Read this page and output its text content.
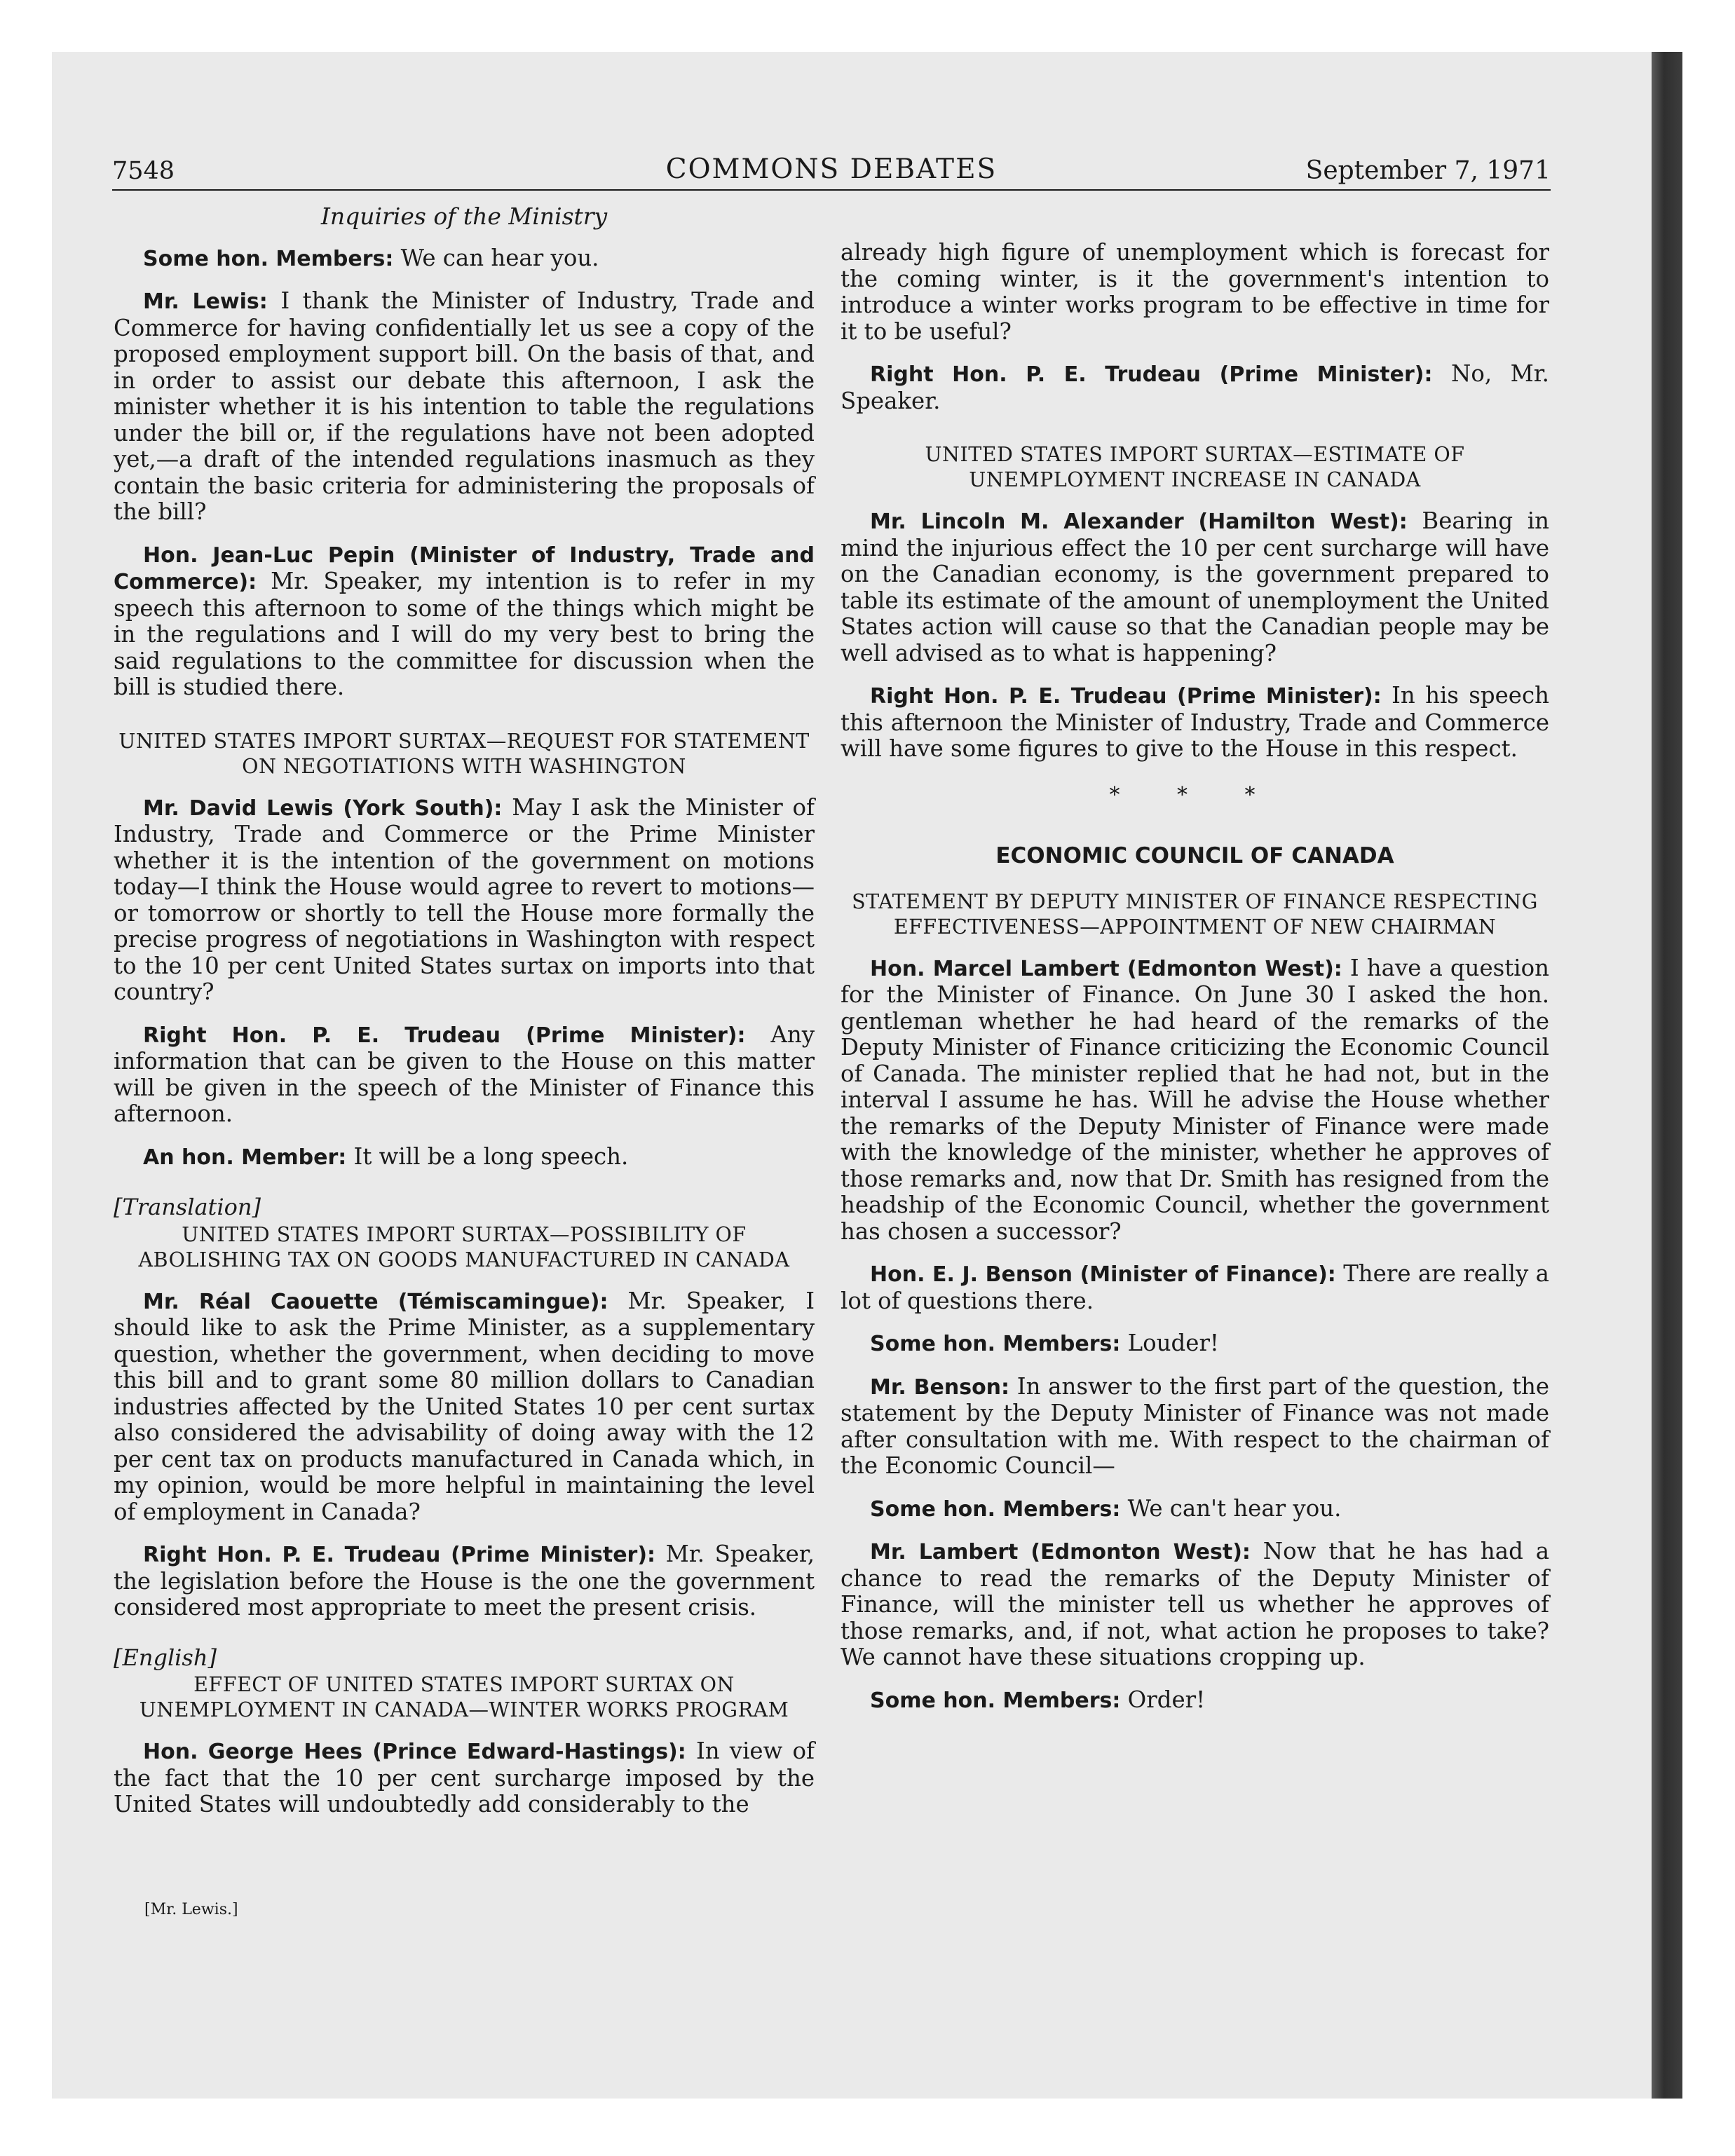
7548	COMMONS DEBATES	September 7, 1971
Inquiries of the Ministry

Some hon. Members: We can hear you.

Mr. Lewis: I thank the Minister of Industry, Trade and Commerce for having confidentially let us see a copy of the proposed employment support bill. On the basis of that, and in order to assist our debate this afternoon, I ask the minister whether it is his intention to table the regulations under the bill or, if the regulations have not been adopted yet,—a draft of the intended regulations inasmuch as they contain the basic criteria for administering the proposals of the bill?

Hon. Jean-Luc Pepin (Minister of Industry, Trade and Commerce): Mr. Speaker, my intention is to refer in my speech this afternoon to some of the things which might be in the regulations and I will do my very best to bring the said regulations to the committee for discussion when the bill is studied there.

UNITED STATES IMPORT SURTAX—REQUEST FOR STATEMENT ON NEGOTIATIONS WITH WASHINGTON

Mr. David Lewis (York South): May I ask the Minister of Industry, Trade and Commerce or the Prime Minister whether it is the intention of the government on motions today—I think the House would agree to revert to motions—or tomorrow or shortly to tell the House more formally the precise progress of negotiations in Washington with respect to the 10 per cent United States surtax on imports into that country?

Right Hon. P. E. Trudeau (Prime Minister): Any information that can be given to the House on this matter will be given in the speech of the Minister of Finance this afternoon.

An hon. Member: It will be a long speech.

[Translation]
UNITED STATES IMPORT SURTAX—POSSIBILITY OF ABOLISHING TAX ON GOODS MANUFACTURED IN CANADA

Mr. Réal Caouette (Témiscamingue): Mr. Speaker, I should like to ask the Prime Minister, as a supplementary question, whether the government, when deciding to move this bill and to grant some 80 million dollars to Canadian industries affected by the United States 10 per cent surtax also considered the advisability of doing away with the 12 per cent tax on products manufactured in Canada which, in my opinion, would be more helpful in maintaining the level of employment in Canada?

Right Hon. P. E. Trudeau (Prime Minister): Mr. Speaker, the legislation before the House is the one the government considered most appropriate to meet the present crisis.

[English]
EFFECT OF UNITED STATES IMPORT SURTAX ON UNEMPLOYMENT IN CANADA—WINTER WORKS PROGRAM

Hon. George Hees (Prince Edward-Hastings): In view of the fact that the 10 per cent surcharge imposed by the United States will undoubtedly add considerably to the

[Mr. Lewis.]

already high figure of unemployment which is forecast for the coming winter, is it the government's intention to introduce a winter works program to be effective in time for it to be useful?

Right Hon. P. E. Trudeau (Prime Minister): No, Mr. Speaker.

UNITED STATES IMPORT SURTAX—ESTIMATE OF UNEMPLOYMENT INCREASE IN CANADA

Mr. Lincoln M. Alexander (Hamilton West): Bearing in mind the injurious effect the 10 per cent surcharge will have on the Canadian economy, is the government prepared to table its estimate of the amount of unemployment the United States action will cause so that the Canadian people may be well advised as to what is happening?

Right Hon. P. E. Trudeau (Prime Minister): In his speech this afternoon the Minister of Industry, Trade and Commerce will have some figures to give to the House in this respect.

* * *
ECONOMIC COUNCIL OF CANADA
STATEMENT BY DEPUTY MINISTER OF FINANCE RESPECTING EFFECTIVENESS—APPOINTMENT OF NEW CHAIRMAN

Hon. Marcel Lambert (Edmonton West): I have a question for the Minister of Finance. On June 30 I asked the hon. gentleman whether he had heard of the remarks of the Deputy Minister of Finance criticizing the Economic Council of Canada. The minister replied that he had not, but in the interval I assume he has. Will he advise the House whether the remarks of the Deputy Minister of Finance were made with the knowledge of the minister, whether he approves of those remarks and, now that Dr. Smith has resigned from the headship of the Economic Council, whether the government has chosen a successor?

Hon. E. J. Benson (Minister of Finance): There are really a lot of questions there.

Some hon. Members: Louder!

Mr. Benson: In answer to the first part of the question, the statement by the Deputy Minister of Finance was not made after consultation with me. With respect to the chairman of the Economic Council—

Some hon. Members: We can't hear you.

Mr. Lambert (Edmonton West): Now that he has had a chance to read the remarks of the Deputy Minister of Finance, will the minister tell us whether he approves of those remarks, and, if not, what action he proposes to take? We cannot have these situations cropping up.

Some hon. Members: Order!
